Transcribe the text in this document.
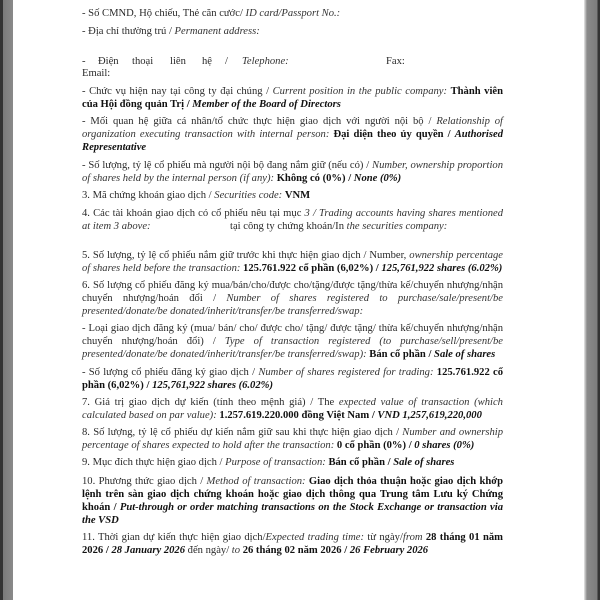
- Số CMND, Hộ chiếu, Thẻ căn cước/ ID card/Passport No.:
- Địa chỉ thường trú / Permanent address:
- Điện thoại liên hệ / Telephone:	Fax:
Email:
- Chức vụ hiện nay tại công ty đại chúng / Current position in the public company: Thành viên của Hội đồng quản Trị / Member of the Board of Directors
- Mối quan hệ giữa cá nhân/tổ chức thực hiện giao dịch với người nội bộ / Relationship of organization executing transaction with internal person: Đại diện theo ủy quyền / Authorised Representative
- Số lượng, tỷ lệ cổ phiếu mà người nội bộ đang nắm giữ (nếu có) / Number, ownership proportion of shares held by the internal person (if any): Không có (0%) / None (0%)
3. Mã chứng khoán giao dịch / Securities code: VNM
4. Các tài khoản giao dịch có cổ phiếu nêu tại mục 3 / Trading accounts having shares mentioned at item 3 above:	tại công ty chứng khoán/In the securities company:
5. Số lượng, tỷ lệ cổ phiếu nắm giữ trước khi thực hiện giao dịch / Number, ownership percentage of shares held before the transaction: 125.761.922 cổ phần (6,02%) / 125,761,922 shares (6.02%)
6. Số lượng cổ phiếu đăng ký mua/bán/cho/được cho/tặng/được tặng/thừa kế/chuyển nhượng/nhận chuyển nhượng/hoán đổi / Number of shares registered to purchase/sale/present/be presented/donate/be donated/inherit/transfer/be transferred/swap:
- Loại giao dịch đăng ký (mua/ bán/ cho/ được cho/ tặng/ được tặng/ thừa kế/chuyển nhượng/nhận chuyển nhượng/hoán đổi) / Type of transaction registered (to purchase/sell/present/be presented/donate/be donated/inherit/transfer/be transferred/swap): Bán cổ phần / Sale of shares
- Số lượng cổ phiếu đăng ký giao dịch / Number of shares registered for trading: 125.761.922 cổ phần (6,02%) / 125,761,922 shares (6.02%)
7. Giá trị giao dịch dự kiến (tính theo mệnh giá) / The expected value of transaction (which calculated based on par value): 1.257.619.220.000 đồng Việt Nam / VND 1,257,619,220,000
8. Số lượng, tỷ lệ cổ phiếu dự kiến nắm giữ sau khi thực hiện giao dịch / Number and ownership percentage of shares expected to hold after the transaction: 0 cổ phần (0%) / 0 shares (0%)
9. Mục đích thực hiện giao dịch / Purpose of transaction: Bán cổ phần / Sale of shares
10. Phương thức giao dịch / Method of transaction: Giao dịch thỏa thuận hoặc giao dịch khớp lệnh trên sàn giao dịch chứng khoán hoặc giao dịch thông qua Trung tâm Lưu ký Chứng khoán / Put-through or order matching transactions on the Stock Exchange or transaction via the VSD
11. Thời gian dự kiến thực hiện giao dịch/Expected trading time: từ ngày/from 28 tháng 01 năm 2026 / 28 January 2026 đến ngày/ to 26 tháng 02 năm 2026 / 26 February 2026
